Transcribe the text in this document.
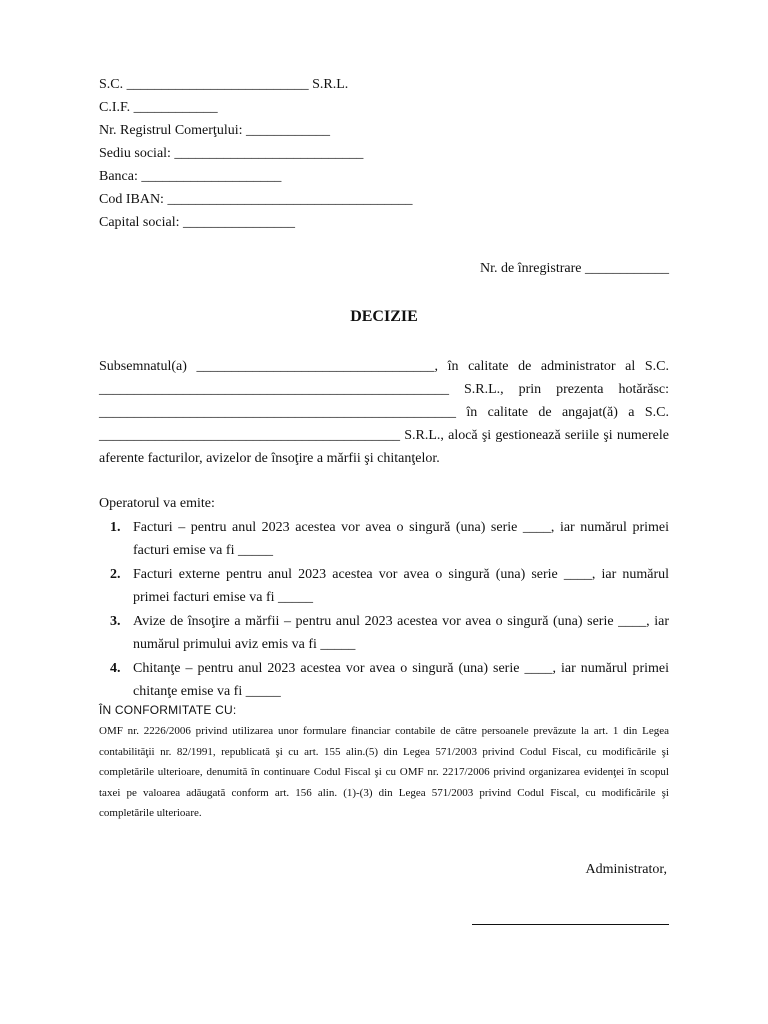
S.C. __________________________ S.R.L.
C.I.F. ____________
Nr. Registrul Comerţului: ____________
Sediu social: ___________________________
Banca: ____________________
Cod IBAN: ___________________________________
Capital social: ________________
Nr. de înregistrare ____________
DECIZIE
Subsemnatul(a) __________________________________, în calitate de administrator al S.C. __________________________________________________ S.R.L., prin prezenta hotărăsc: ___________________________________________________ în calitate de angajat(ă) a S.C. ___________________________________________ S.R.L., alocă şi gestionează seriile şi numerele aferente facturilor, avizelor de însoţire a mărfii şi chitanţelor.
Operatorul va emite:
1. Facturi – pentru anul 2023 acestea vor avea o singură (una) serie ____, iar numărul primei facturi emise va fi _____
2. Facturi externe pentru anul 2023 acestea vor avea o singură (una) serie ____, iar numărul primei facturi emise va fi _____
3. Avize de însoţire a mărfii – pentru anul 2023 acestea vor avea o singură (una) serie ____, iar numărul primului aviz emis va fi _____
4. Chitanţe – pentru anul 2023 acestea vor avea o singură (una) serie ____, iar numărul primei chitanţe emise va fi _____
ÎN CONFORMITATE CU:
OMF nr. 2226/2006 privind utilizarea unor formulare financiar contabile de către persoanele prevăzute la art. 1 din Legea contabilităţii nr. 82/1991, republicată şi cu art. 155 alin.(5) din Legea 571/2003 privind Codul Fiscal, cu modificările şi completările ulterioare, denumită în continuare Codul Fiscal şi cu OMF nr. 2217/2006 privind organizarea evidenţei în scopul taxei pe valoarea adăugată conform art. 156 alin. (1)-(3) din Legea 571/2003 privind Codul Fiscal, cu modificările şi completările ulterioare.
Administrator,
